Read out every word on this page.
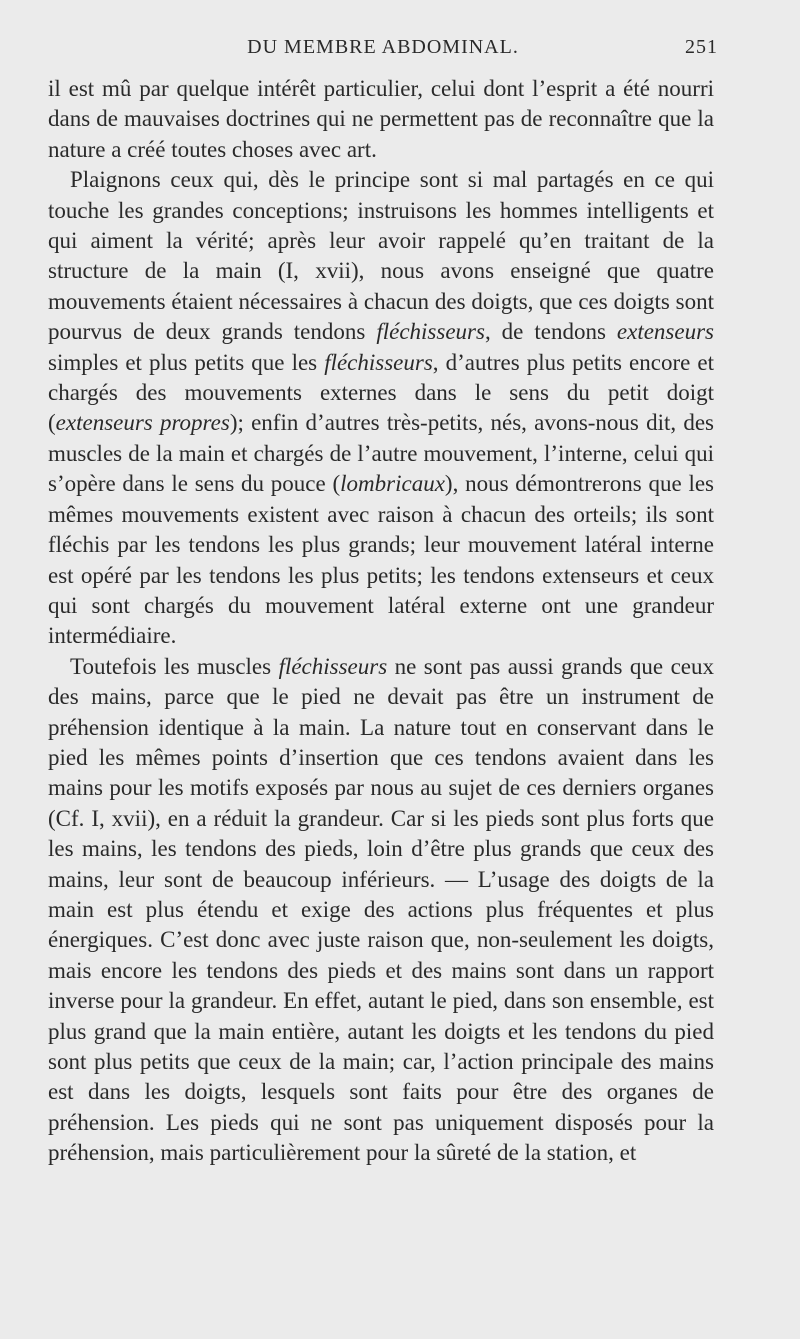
DU MEMBRE ABDOMINAL.	251

il est mû par quelque intérêt particulier, celui dont l’esprit a été nourri dans de mauvaises doctrines qui ne permettent pas de reconnaître que la nature a créé toutes choses avec art.

Plaignons ceux qui, dès le principe sont si mal partagés en ce qui touche les grandes conceptions; instruisons les hommes intelligents et qui aiment la vérité; après leur avoir rappelé qu’en traitant de la structure de la main (I, xvii), nous avons enseigné que quatre mouvements étaient nécessaires à chacun des doigts, que ces doigts sont pourvus de deux grands tendons fléchisseurs, de tendons extenseurs simples et plus petits que les fléchisseurs, d’autres plus petits encore et chargés des mouvements externes dans le sens du petit doigt (extenseurs propres); enfin d’autres très-petits, nés, avons-nous dit, des muscles de la main et chargés de l’autre mouvement, l’interne, celui qui s’opère dans le sens du pouce (lombricaux), nous démontrerons que les mêmes mouvements existent avec raison à chacun des orteils; ils sont fléchis par les tendons les plus grands; leur mouvement latéral interne est opéré par les tendons les plus petits; les tendons extenseurs et ceux qui sont chargés du mouvement latéral externe ont une grandeur intermédiaire.

Toutefois les muscles fléchisseurs ne sont pas aussi grands que ceux des mains, parce que le pied ne devait pas être un instrument de préhension identique à la main. La nature tout en conservant dans le pied les mêmes points d’insertion que ces tendons avaient dans les mains pour les motifs exposés par nous au sujet de ces derniers organes (Cf. I, xvii), en a réduit la grandeur. Car si les pieds sont plus forts que les mains, les tendons des pieds, loin d’être plus grands que ceux des mains, leur sont de beaucoup inférieurs. — L’usage des doigts de la main est plus étendu et exige des actions plus fréquentes et plus énergiques. C’est donc avec juste raison que, non-seulement les doigts, mais encore les tendons des pieds et des mains sont dans un rapport inverse pour la grandeur. En effet, autant le pied, dans son ensemble, est plus grand que la main entière, autant les doigts et les tendons du pied sont plus petits que ceux de la main; car, l’action principale des mains est dans les doigts, lesquels sont faits pour être des organes de préhension. Les pieds qui ne sont pas uniquement disposés pour la préhension, mais particulièrement pour la sûreté de la station, et
